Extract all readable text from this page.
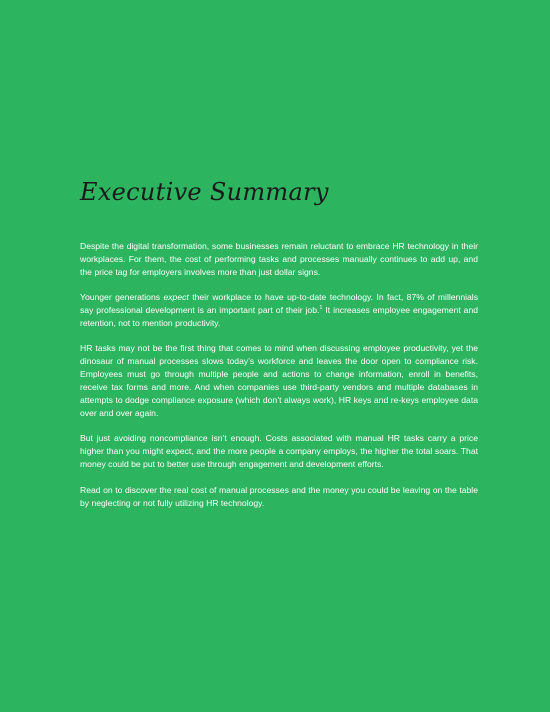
Executive Summary

Despite the digital transformation, some businesses remain reluctant to embrace HR technology in their workplaces. For them, the cost of performing tasks and processes manually continues to add up, and the price tag for employers involves more than just dollar signs.

Younger generations expect their workplace to have up-to-date technology. In fact, 87% of millennials say professional development is an important part of their job.$^1$ It increases employee engagement and retention, not to mention productivity.

HR tasks may not be the first thing that comes to mind when discussing employee productivity, yet the dinosaur of manual processes slows today’s workforce and leaves the door open to compliance risk. Employees must go through multiple people and actions to change information, enroll in benefits, receive tax forms and more. And when companies use third-party vendors and multiple databases in attempts to dodge compliance exposure (which don’t always work), HR keys and re-keys employee data over and over again.

But just avoiding noncompliance isn’t enough. Costs associated with manual HR tasks carry a price higher than you might expect, and the more people a company employs, the higher the total soars. That money could be put to better use through engagement and development efforts.

Read on to discover the real cost of manual processes and the money you could be leaving on the table by neglecting or not fully utilizing HR technology.
